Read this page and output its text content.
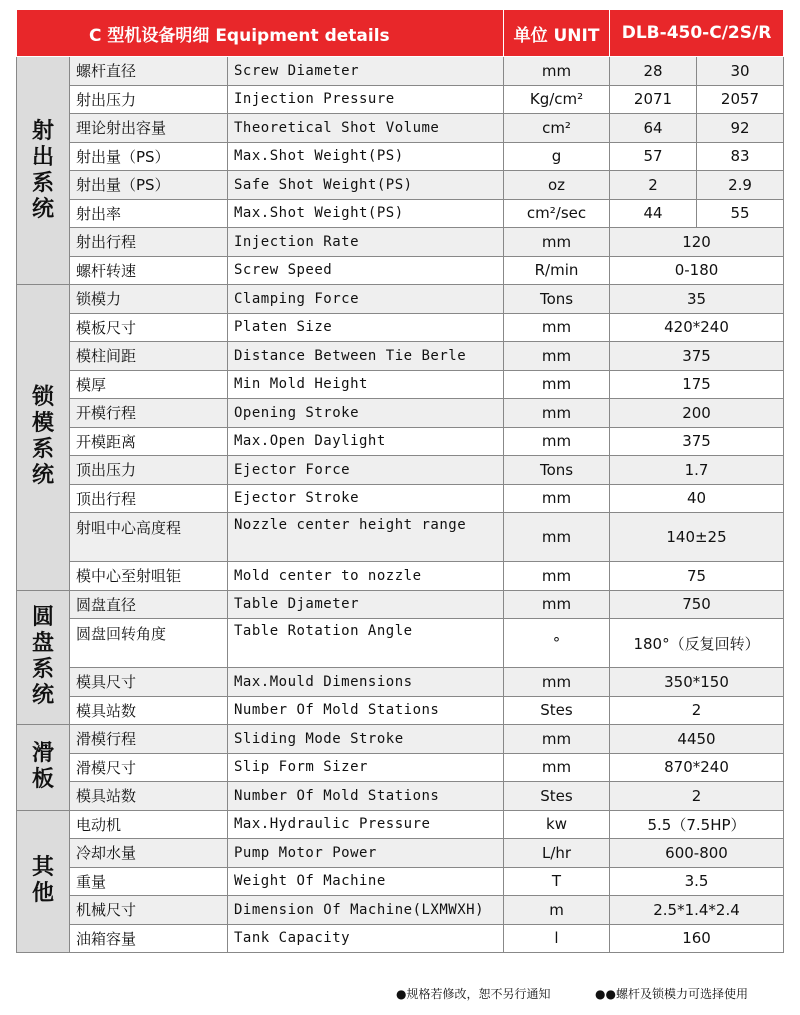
C 型机设备明细 Equipment details			单位 UNIT	DLB-450-C/2S/R	
射出系统	螺杆直径	Screw Diameter	mm	28	30
	射出压力	Injection Pressure	Kg/cm²	2071	2057
	理论射出容量	Theoretical Shot Volume	cm²	64	92
	射出量（PS）	Max.Shot Weight(PS)	g	57	83
	射出量（PS）	Safe Shot Weight(PS)	oz	2	2.9
	射出率	Max.Shot Weight(PS)	cm²/sec	44	55
	射出行程	Injection Rate	mm	120	
	螺杆转速	Screw Speed	R/min	0-180	
锁模系统	锁模力	Clamping Force	Tons	35	
	模板尺寸	Platen Size	mm	420*240	
	模柱间距	Distance Between Tie Berle	mm	375	
	模厚	Min Mold Height	mm	175	
	开模行程	Opening Stroke	mm	200	
	开模距离	Max.Open Daylight	mm	375	
	顶出压力	Ejector Force	Tons	1.7	
	顶出行程	Ejector Stroke	mm	40	
	射咀中心高度程	Nozzle center height range	mm	140±25	
	模中心至射咀钜	Mold center to nozzle	mm	75	
圆盘系统	圆盘直径	Table Djameter	mm	750	
	圆盘回转角度	Table Rotation Angle	°	180°（反复回转）	
	模具尺寸	Max.Mould Dimensions	mm	350*150	
	模具站数	Number Of Mold Stations	Stes	2	
滑板	滑模行程	Sliding Mode Stroke	mm	4450	
	滑模尺寸	Slip Form Sizer	mm	870*240	
	模具站数	Number Of Mold Stations	Stes	2	
其他	电动机	Max.Hydraulic Pressure	kw	5.5（7.5HP）	
	冷却水量	Pump Motor Power	L/hr	600-800	
	重量	Weight Of Machine	T	3.5	
	机械尺寸	Dimension Of Machine(LXMWXH)	m	2.5*1.4*2.4	
	油箱容量	Tank Capacity	l	160	
●规格若修改，恕不另行通知	●●螺杆及锁模力可选择使用
